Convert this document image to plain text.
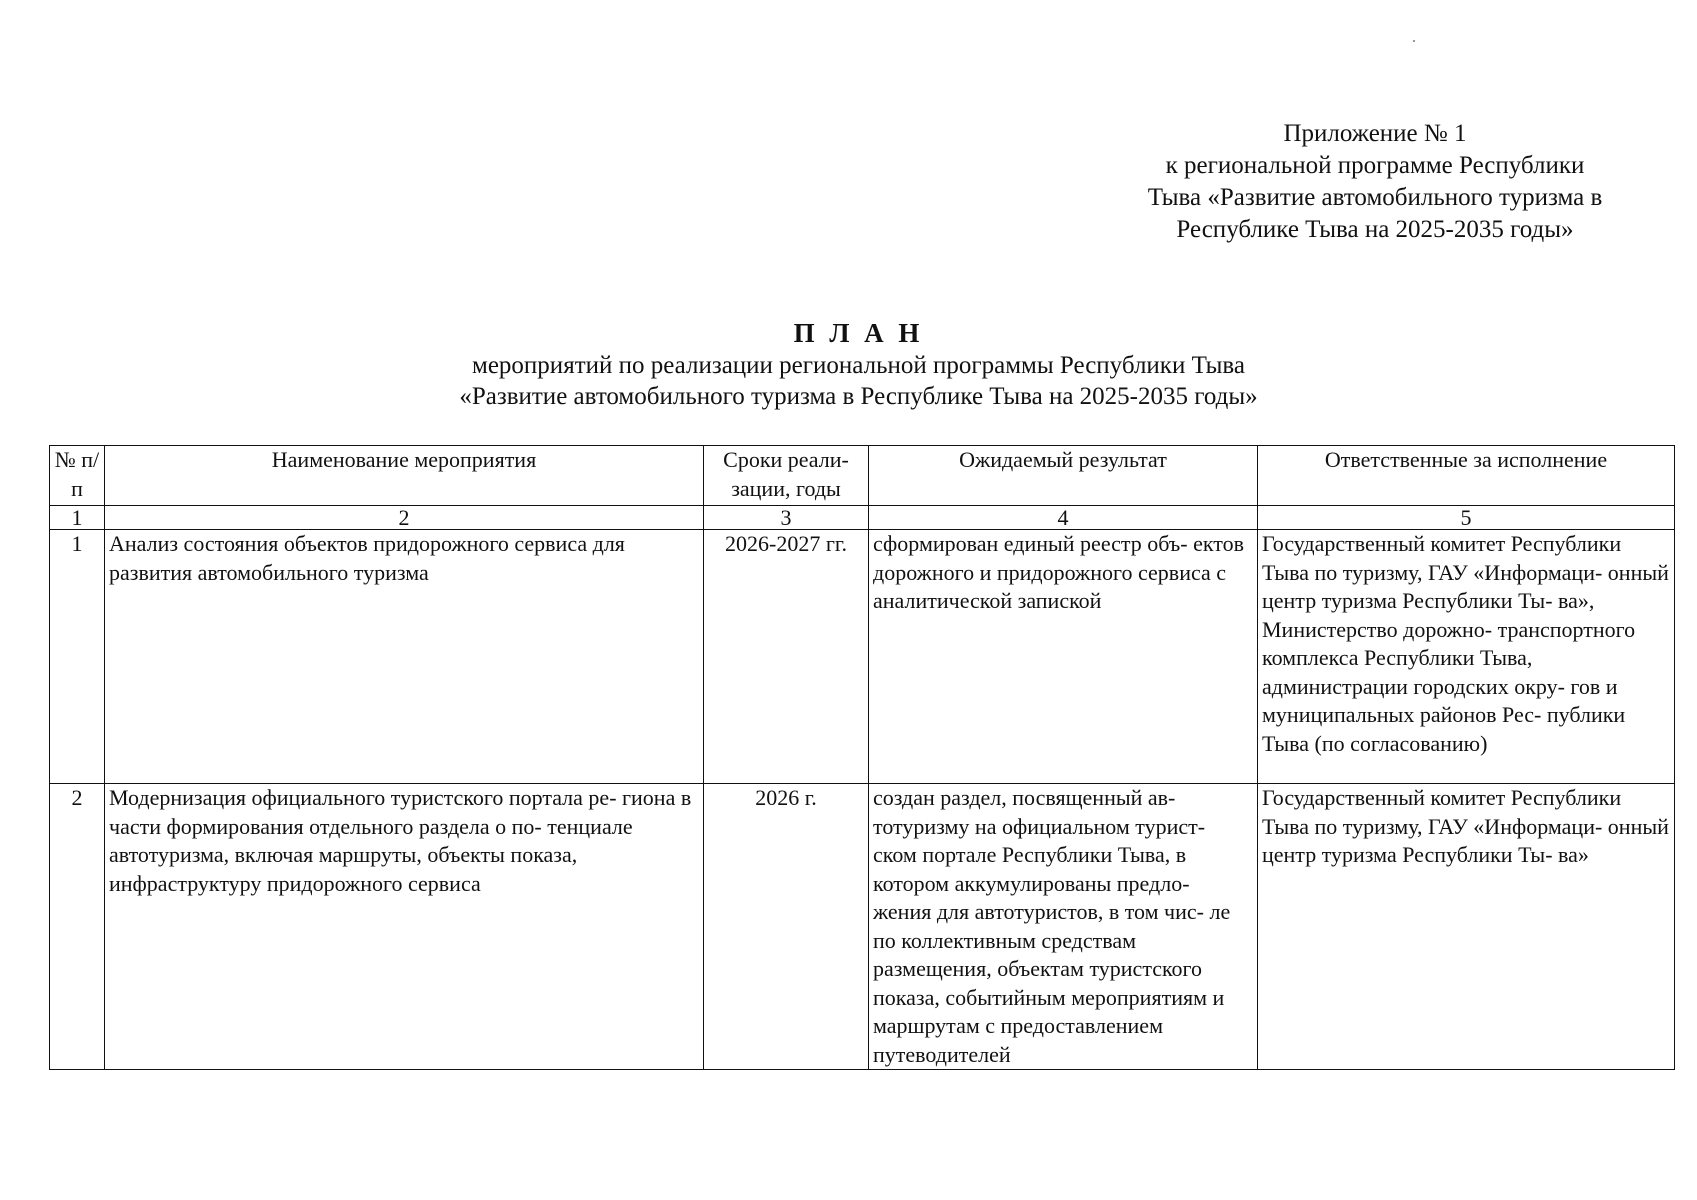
Приложение № 1
к региональной программе Республики
Тыва «Развитие автомобильного туризма в
Республике Тыва на 2025-2035 годы»
П Л А Н
мероприятий по реализации региональной программы Республики Тыва
«Развитие автомобильного туризма в Республике Тыва на 2025-2035 годы»
№ п/п	Наименование мероприятия	Сроки реали- зации, годы	Ожидаемый результат	Ответственные за исполнение
1	2	3	4	5
1	Анализ состояния объектов придорожного сервиса для развития автомобильного туризма	2026-2027 гг.	сформирован единый реестр объ- ектов дорожного и придорожного сервиса с аналитической запиской	Государственный комитет Республики Тыва по туризму, ГАУ «Информаци- онный центр туризма Республики Ты- ва», Министерство дорожно- транспортного комплекса Республики Тыва, администрации городских окру- гов и муниципальных районов Рес- публики Тыва (по согласованию)
2	Модернизация официального туристского портала ре- гиона в части формирования отдельного раздела о по- тенциале автотуризма, включая маршруты, объекты показа, инфраструктуру придорожного сервиса	2026 г.	создан раздел, посвященный ав- тотуризму на официальном турист- ском портале Республики Тыва, в котором аккумулированы предло- жения для автотуристов, в том чис- ле по коллективным средствам размещения, объектам туристского показа, событийным мероприятиям и маршрутам с предоставлением путеводителей	Государственный комитет Республики Тыва по туризму, ГАУ «Информаци- онный центр туризма Республики Ты- ва»
